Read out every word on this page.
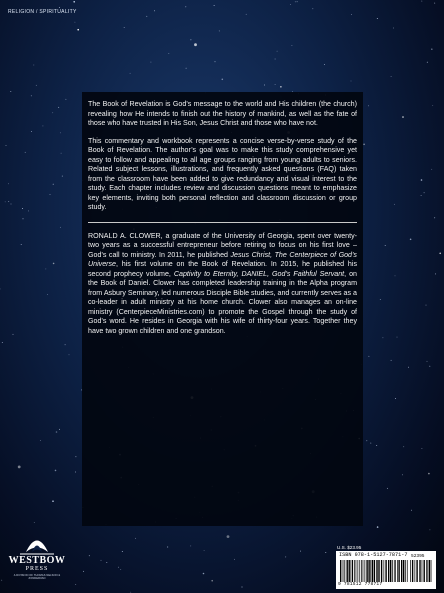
RELIGION / SPIRITUALITY

The Book of Revelation is God’s message to the world and His children (the church) revealing how He intends to finish out the history of mankind, as well as the fate of those who have trusted in His Son, Jesus Christ and those who have not.

This commentary and workbook represents a concise verse-by-verse study of the Book of Revelation. The author’s goal was to make this study comprehensive yet easy to follow and appealing to all age groups ranging from young adults to seniors. Related subject lessons, illustrations, and frequently asked questions (FAQ) taken from the classroom have been added to give redundancy and visual interest to the study. Each chapter includes review and discussion questions meant to emphasize key elements, inviting both personal reflection and classroom discussion or group study.

RONALD A. CLOWER, a graduate of the University of Georgia, spent over twenty-two years as a successful entrepreneur before retiring to focus on his first love – God’s call to ministry. In 2011, he published Jesus Christ, The Centerpiece of God’s Universe, his first volume on the Book of Revelation. In 2015, he published his second prophecy volume, Captivity to Eternity, DANIEL, God’s Faithful Servant, on the Book of Daniel. Clower has completed leadership training in the Alpha program from Asbury Seminary, led numerous Disciple Bible studies, and currently serves as a co-leader in adult ministry at his home church. Clower also manages an on-line ministry (CenterpieceMinistries.com) to promote the Gospel through the study of God’s word. He resides in Georgia with his wife of thirty-four years. Together they have two grown children and one grandson.

WESTBOW
PRESS
A DIVISION OF THOMAS NELSON & ZONDERVAN
U.S. $23.95
ISBN 978-1-5127-7871-7 52395
9 781512 778717
